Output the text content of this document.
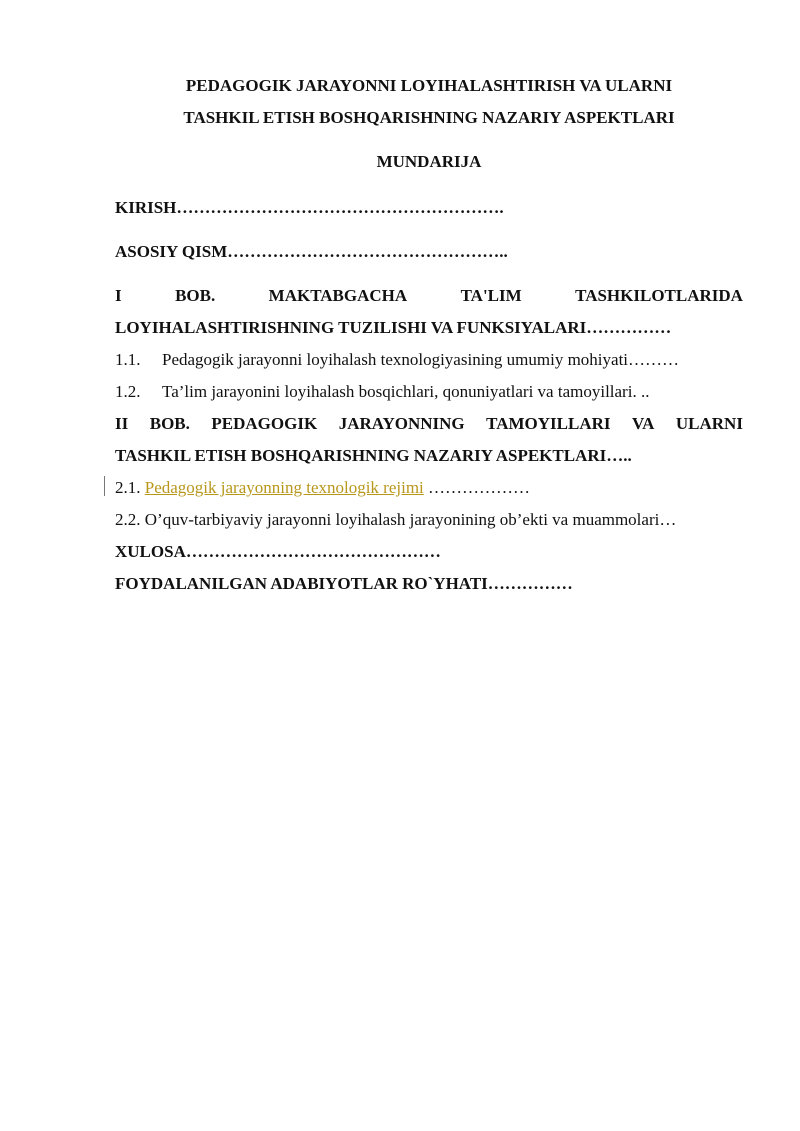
PEDAGOGIK JARAYONNI LOYIHALASHTIRISH VA ULARNI
TASHKIL ETISH BOSHQARISHNING NAZARIY ASPEKTLARI
MUNDARIJA
KIRISH………………………………………………….
ASOSIY QISM…………………………………………..
I	BOB.	MAKTABGACHA	TA'LIM	TASHKILOTLARIDA
LOYIHALASHTIRISHNING TUZILISHI VA FUNKSIYALARI……………
1.1. Pedagogik jarayonni loyihalash texnologiyasining umumiy mohiyati………
1.2. Ta’lim jarayonini loyihalash bosqichlari, qonuniyatlari va tamoyillari. ..
II BOB. PEDAGOGIK JARAYONNING TAMOYILLARI VA ULARNI
TASHKIL ETISH BOSHQARISHNING NAZARIY ASPEKTLARI…..
2.1. Pedagogik jarayonning texnologik rejimi ………………
2.2. O’quv-tarbiyaviy jarayonni loyihalash jarayonining ob’ekti va muammolari…
XULOSA………………………………………
FOYDALANILGAN ADABIYOTLAR RO`YHATI……………
